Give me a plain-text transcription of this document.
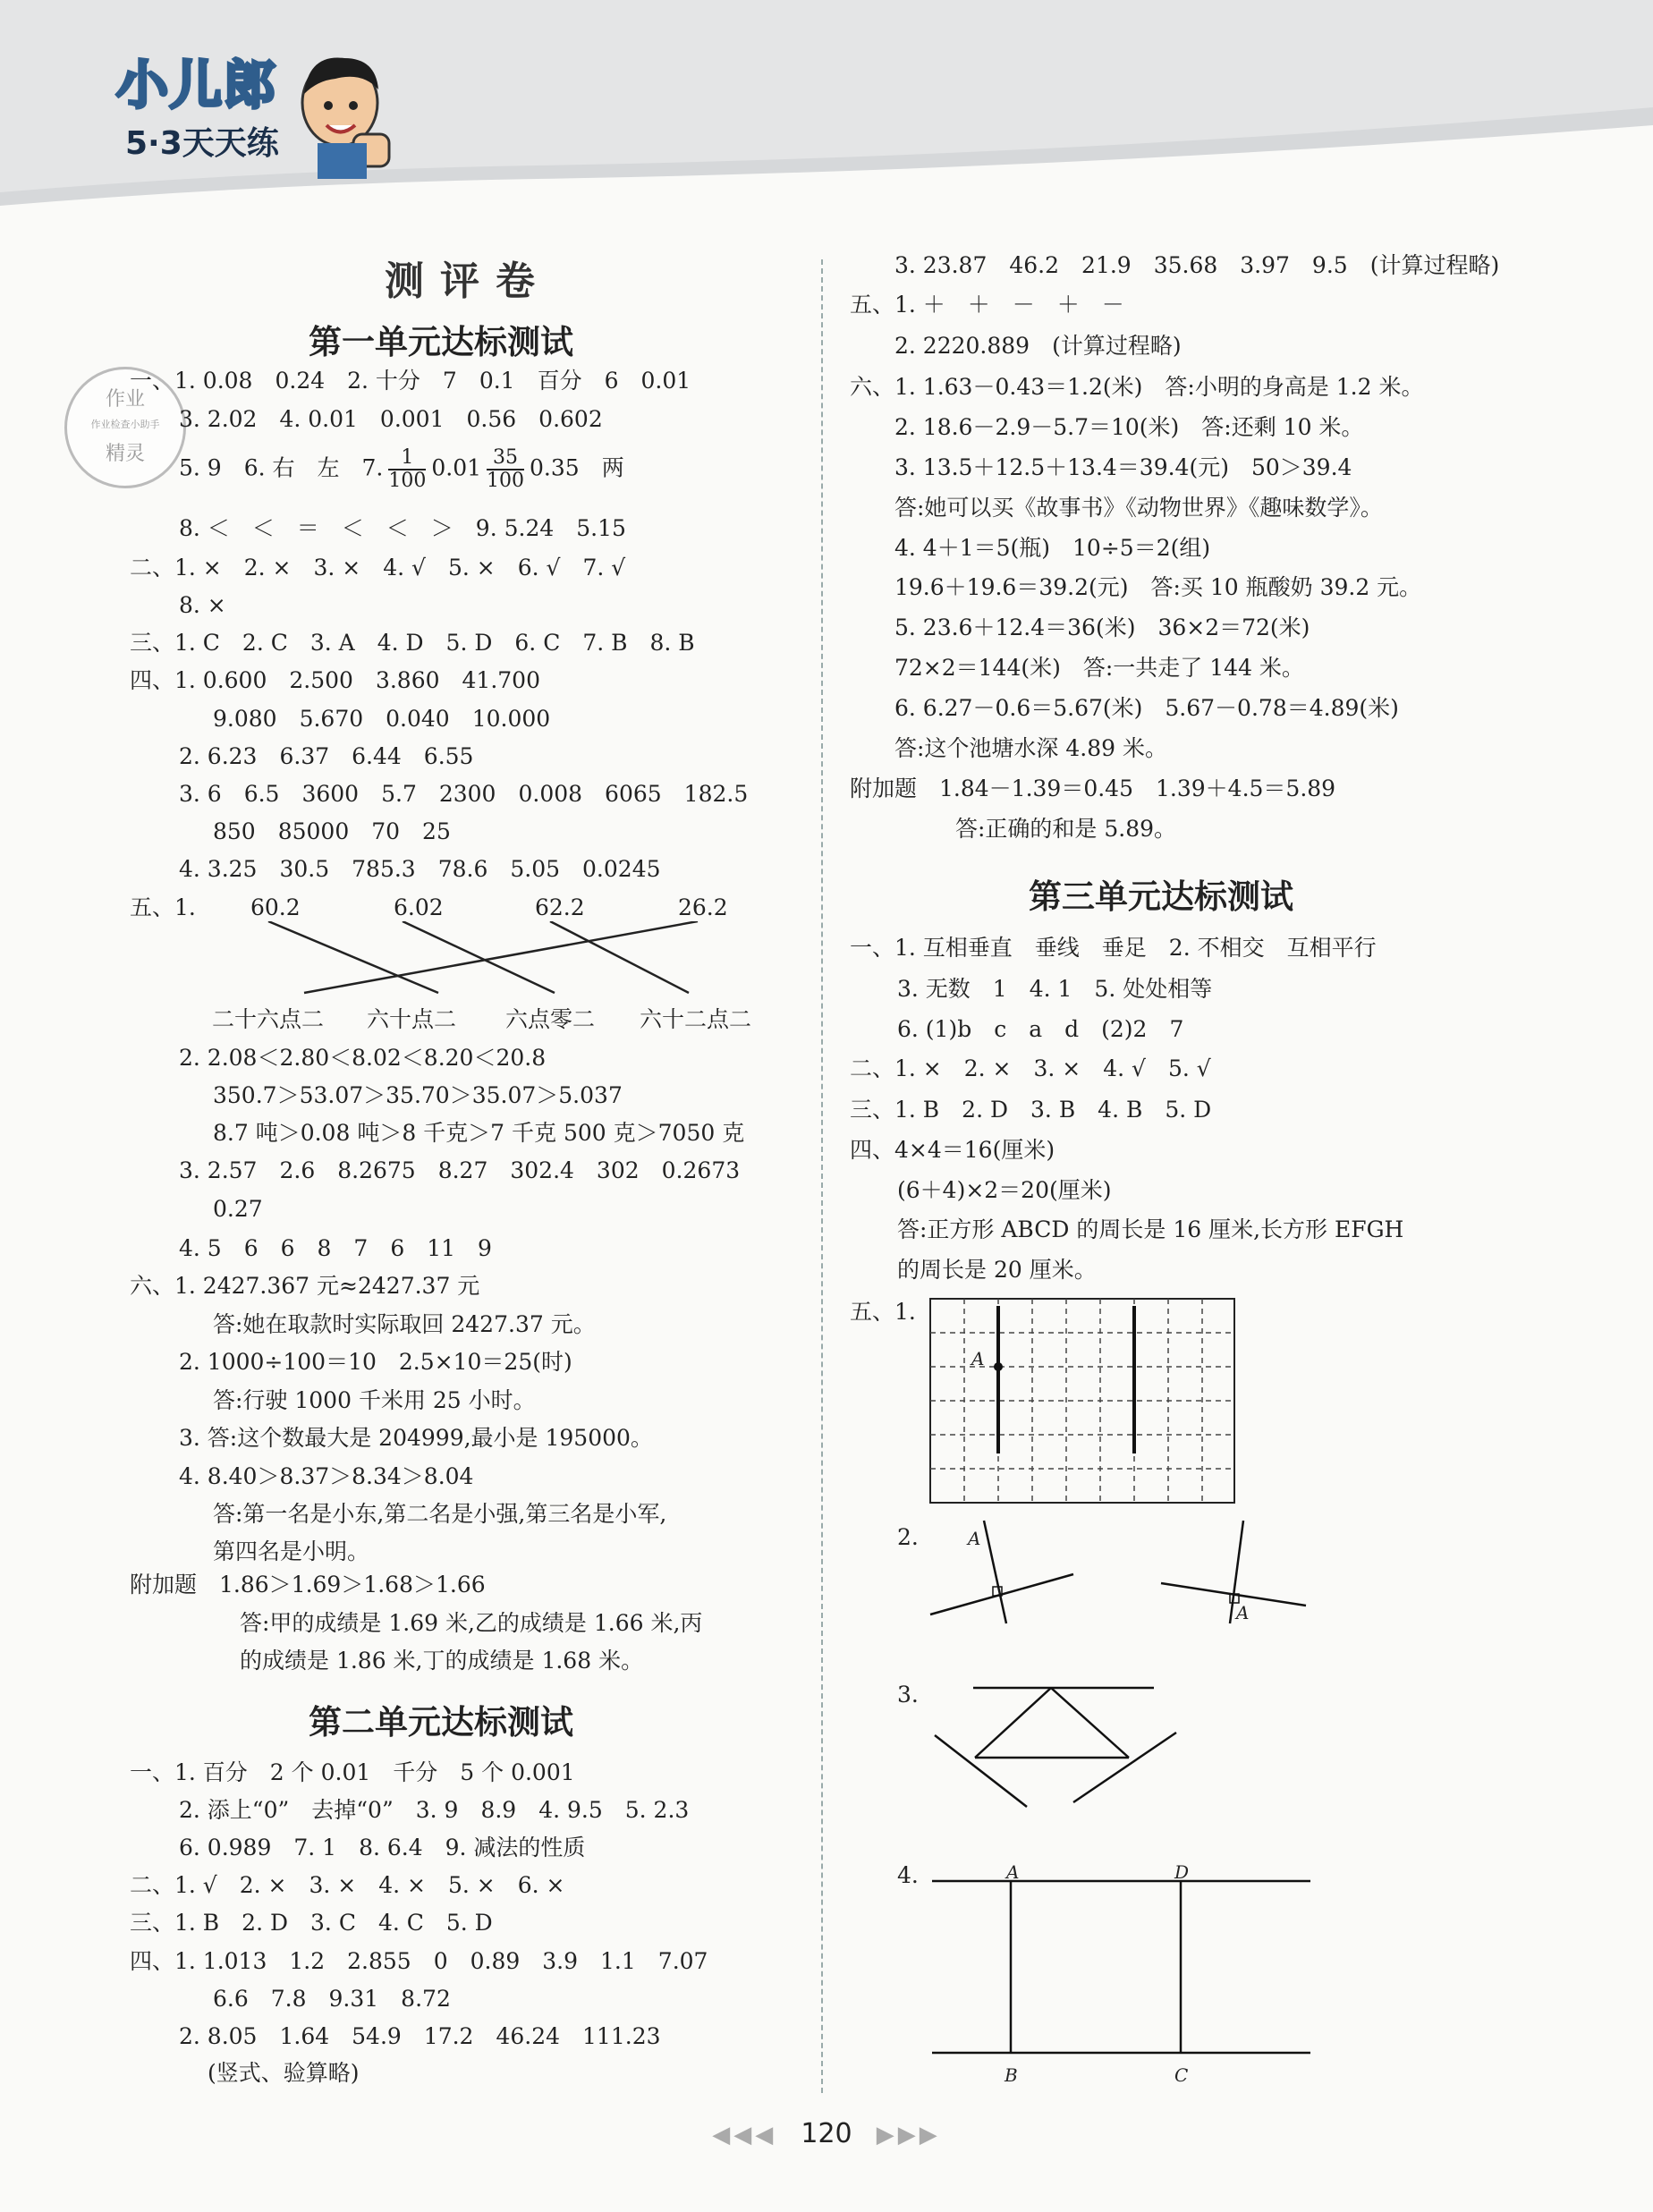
小儿郎
5·3天天练
作业
作业检查小助手
精灵
测评卷
第一单元达标测试
一、1. 0.08　0.24　2. 十分　7　0.1　百分　6　0.01
3. 2.02　4. 0.01　0.001　0.56　0.602
5. 9　6. 右　左　7. $\frac{1}{100} 0.01 \frac{35}{100} 0.35$　两
8. ＜　＜　＝　＜　＜　＞　9. 5.24　5.15
二、1. ×　2. ×　3. ×　4. √　5. ×　6. √　7. √
8. ×
三、1. C　2. C　3. A　4. D　5. D　6. C　7. B　8. B
四、1. 0.600　2.500　3.860　41.700
9.080　5.670　0.040　10.000
2. 6.23　6.37　6.44　6.55
3. 6　6.5　3600　5.7　2300　0.008　6065　182.5
850　85000　70　25
4. 3.25　30.5　785.3　78.6　5.05　0.0245
五、1. 60.2	6.02	62.2	26.2
二十六点二 六十点二 六点零二 六十二点二
2. 2.08＜2.80＜8.02＜8.20＜20.8
350.7＞53.07＞35.70＞35.07＞5.037
8.7 吨＞0.08 吨＞8 千克＞7 千克 500 克＞7050 克
3. 2.57　2.6　8.2675　8.27　302.4　302　0.2673
0.27
4. 5　6　6　8　7　6　11　9
六、1. 2427.367 元≈2427.37 元
答:她在取款时实际取回 2427.37 元。
2. 1000÷100＝10　2.5×10＝25(时)
答:行驶 1000 千米用 25 小时。
3. 答:这个数最大是 204999,最小是 195000。
4. 8.40＞8.37＞8.34＞8.04
答:第一名是小东,第二名是小强,第三名是小军,
第四名是小明。
附加题　1.86＞1.69＞1.68＞1.66
答:甲的成绩是 1.69 米,乙的成绩是 1.66 米,丙
的成绩是 1.86 米,丁的成绩是 1.68 米。
第二单元达标测试
一、1. 百分　2 个 0.01　千分　5 个 0.001
2. 添上“0”　去掉“0”　3. 9　8.9　4. 9.5　5. 2.3
6. 0.989　7. 1　8. 6.4　9. 减法的性质
二、1. √　2. ×　3. ×　4. ×　5. ×　6. ×
三、1. B　2. D　3. C　4. C　5. D
四、1. 1.013　1.2　2.855　0　0.89　3.9　1.1　7.07
6.6　7.8　9.31　8.72
2. 8.05　1.64　54.9　17.2　46.24　111.23
(竖式、验算略)
3. 23.87　46.2　21.9　35.68　3.97　9.5　(计算过程略)
五、1. ＋　＋　－　＋　－
2. 2220.889　(计算过程略)
六、1. 1.63－0.43＝1.2(米)　答:小明的身高是 1.2 米。
2. 18.6－2.9－5.7＝10(米)　答:还剩 10 米。
3. 13.5＋12.5＋13.4＝39.4(元)　50＞39.4
答:她可以买《故事书》《动物世界》《趣味数学》。
4. 4＋1＝5(瓶)　10÷5＝2(组)
19.6＋19.6＝39.2(元)　答:买 10 瓶酸奶 39.2 元。
5. 23.6＋12.4＝36(米)　36×2＝72(米)
72×2＝144(米)　答:一共走了 144 米。
6. 6.27－0.6＝5.67(米)　5.67－0.78＝4.89(米)
答:这个池塘水深 4.89 米。
附加题　1.84－1.39＝0.45　1.39＋4.5＝5.89
答:正确的和是 5.89。
第三单元达标测试
一、1. 互相垂直　垂线　垂足　2. 不相交　互相平行
3. 无数　1　4. 1　5. 处处相等
6. (1)b　c　a　d　(2)2　7
二、1. ×　2. ×　3. ×　4. √　5. √
三、1. B　2. D　3. B　4. B　5. D
四、4×4＝16(厘米)
(6＋4)×2＝20(厘米)
答:正方形 ABCD 的周长是 16 厘米,长方形 EFGH
的周长是 20 厘米。
五、1.
A
2.	A
A
3.
4.	A	D
B	C
◀◀◀ 120 ▶▶▶
